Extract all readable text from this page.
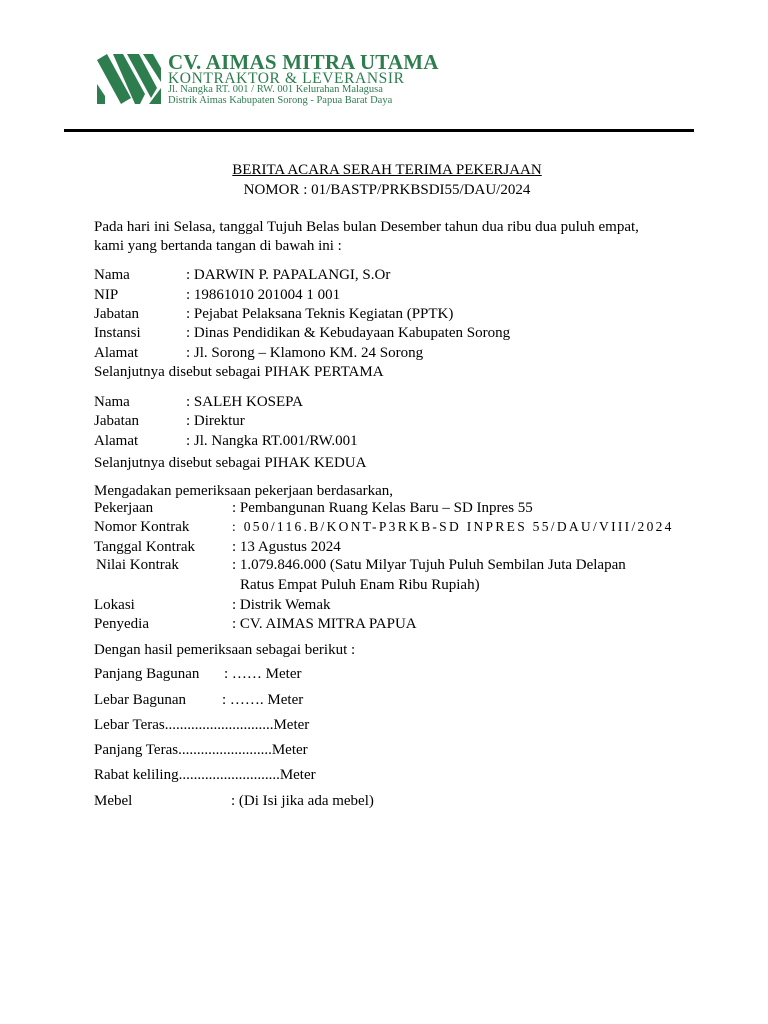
CV. AIMAS MITRA UTAMA
KONTRAKTOR & LEVERANSIR
Jl. Nangka RT. 001 / RW. 001 Kelurahan Malagusa
Distrik Aimas Kabupaten Sorong - Papua Barat Daya
BERITA ACARA SERAH TERIMA PEKERJAAN
NOMOR : 01/BASTP/PRKBSDI55/DAU/2024
Pada hari ini Selasa, tanggal Tujuh Belas bulan Desember tahun dua ribu dua puluh empat,
kami yang bertanda tangan di bawah ini :
Nama	: DARWIN P. PAPALANGI, S.Or
NIP	: 19861010 201004 1 001
Jabatan	: Pejabat Pelaksana Teknis Kegiatan (PPTK)
Instansi	: Dinas Pendidikan & Kebudayaan Kabupaten Sorong
Alamat	: Jl. Sorong – Klamono KM. 24 Sorong
Selanjutnya disebut sebagai PIHAK PERTAMA
Nama	: SALEH KOSEPA
Jabatan	: Direktur
Alamat	: Jl. Nangka RT.001/RW.001
Selanjutnya disebut sebagai PIHAK KEDUA
Mengadakan pemeriksaan pekerjaan berdasarkan,
Pekerjaan	: Pembangunan Ruang Kelas Baru – SD Inpres 55
Nomor Kontrak	: 050/116.B/KONT-P3RKB-SD INPRES 55/DAU/VIII/2024
Tanggal Kontrak : 13 Agustus 2024
Nilai Kontrak	: 1.079.846.000 (Satu Milyar Tujuh Puluh Sembilan Juta Delapan
Ratus Empat Puluh Enam Ribu Rupiah)
Lokasi	: Distrik Wemak
Penyedia	: CV. AIMAS MITRA PAPUA
Dengan hasil pemeriksaan sebagai berikut :
Panjang Bagunan : …… Meter
Lebar Bagunan : ……. Meter
Lebar Teras.............................Meter
Panjang Teras.........................Meter
Rabat keliling...........................Meter
Mebel	: (Di Isi jika ada mebel)
